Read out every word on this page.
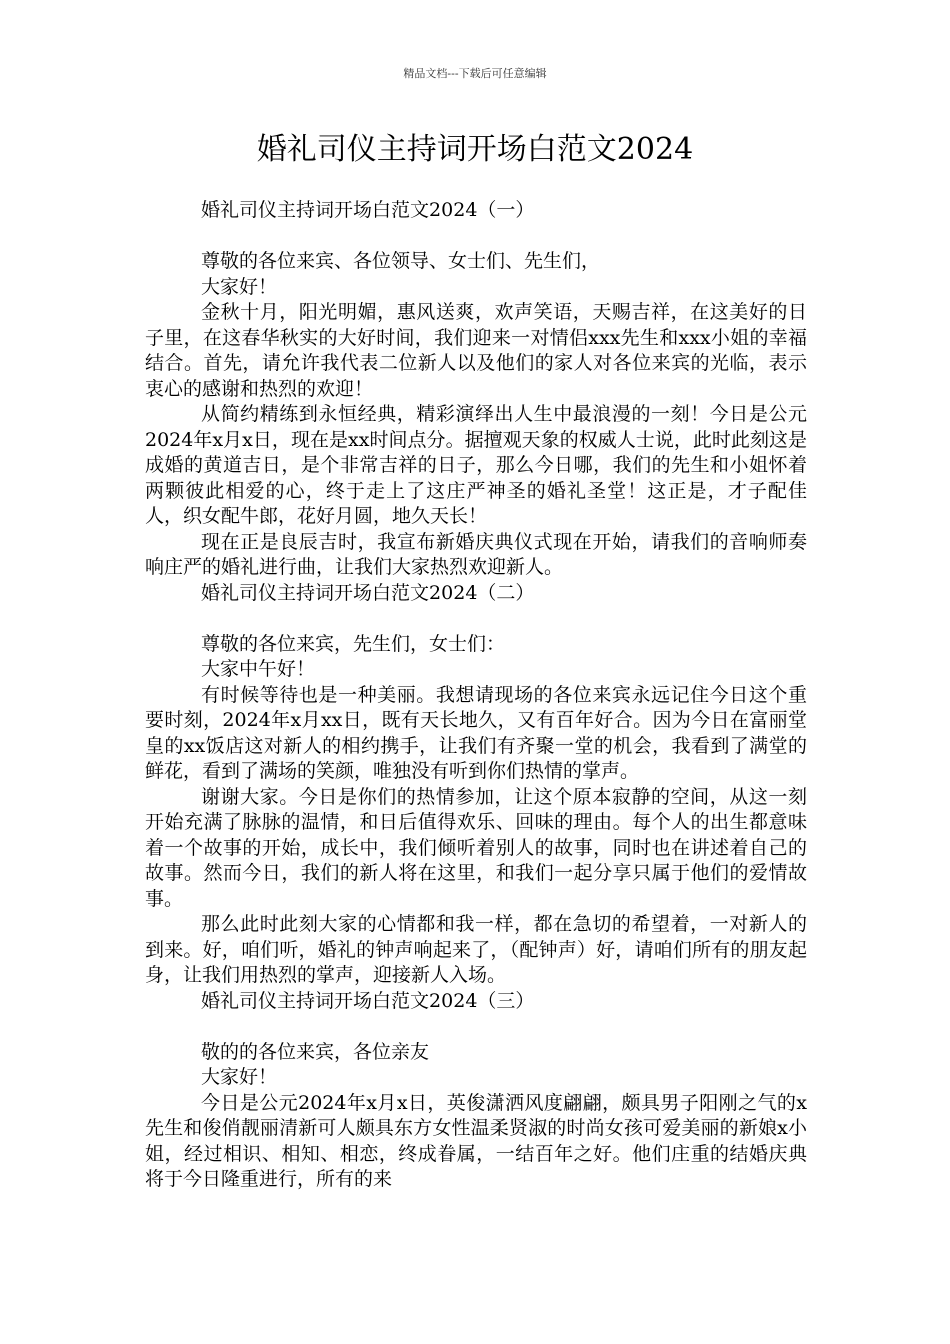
精品文档---下载后可任意编辑
婚礼司仪主持词开场白范文2024

婚礼司仪主持词开场白范文2024（一）

尊敬的各位来宾、各位领导、女士们、先生们，

大家好！

金秋十月，阳光明媚，惠风送爽，欢声笑语，天赐吉祥，在这美好的日子里，在这春华秋实的大好时间，我们迎来一对情侣xxx先生和xxx小姐的幸福结合。首先，请允许我代表二位新人以及他们的家人对各位来宾的光临，表示衷心的感谢和热烈的欢迎！

从简约精练到永恒经典，精彩演绎出人生中最浪漫的一刻！今日是公元2024年x月x日，现在是xx时间点分。据擅观天象的权威人士说，此时此刻这是成婚的黄道吉日，是个非常吉祥的日子，那么今日哪，我们的先生和小姐怀着两颗彼此相爱的心，终于走上了这庄严神圣的婚礼圣堂！这正是，才子配佳人，织女配牛郎，花好月圆，地久天长！

现在正是良辰吉时，我宣布新婚庆典仪式现在开始，请我们的音响师奏响庄严的婚礼进行曲，让我们大家热烈欢迎新人。

婚礼司仪主持词开场白范文2024（二）

尊敬的各位来宾，先生们，女士们：

大家中午好！

有时候等待也是一种美丽。我想请现场的各位来宾永远记住今日这个重要时刻，2024年x月xx日，既有天长地久，又有百年好合。因为今日在富丽堂皇的xx饭店这对新人的相约携手，让我们有齐聚一堂的机会，我看到了满堂的鲜花，看到了满场的笑颜，唯独没有听到你们热情的掌声。

谢谢大家。今日是你们的热情参加，让这个原本寂静的空间，从这一刻开始充满了脉脉的温情，和日后值得欢乐、回味的理由。每个人的出生都意味着一个故事的开始，成长中，我们倾听着别人的故事，同时也在讲述着自己的故事。然而今日，我们的新人将在这里，和我们一起分享只属于他们的爱情故事。

那么此时此刻大家的心情都和我一样，都在急切的希望着，一对新人的到来。好，咱们听，婚礼的钟声响起来了，（配钟声）好，请咱们所有的朋友起身，让我们用热烈的掌声，迎接新人入场。

婚礼司仪主持词开场白范文2024（三）

敬的的各位来宾，各位亲友

大家好！

今日是公元2024年x月x日，英俊潇洒风度翩翩，颇具男子阳刚之气的x先生和俊俏靓丽清新可人颇具东方女性温柔贤淑的时尚女孩可爱美丽的新娘x小姐，经过相识、相知、相恋，终成眷属，一结百年之好。他们庄重的结婚庆典将于今日隆重进行，所有的来
